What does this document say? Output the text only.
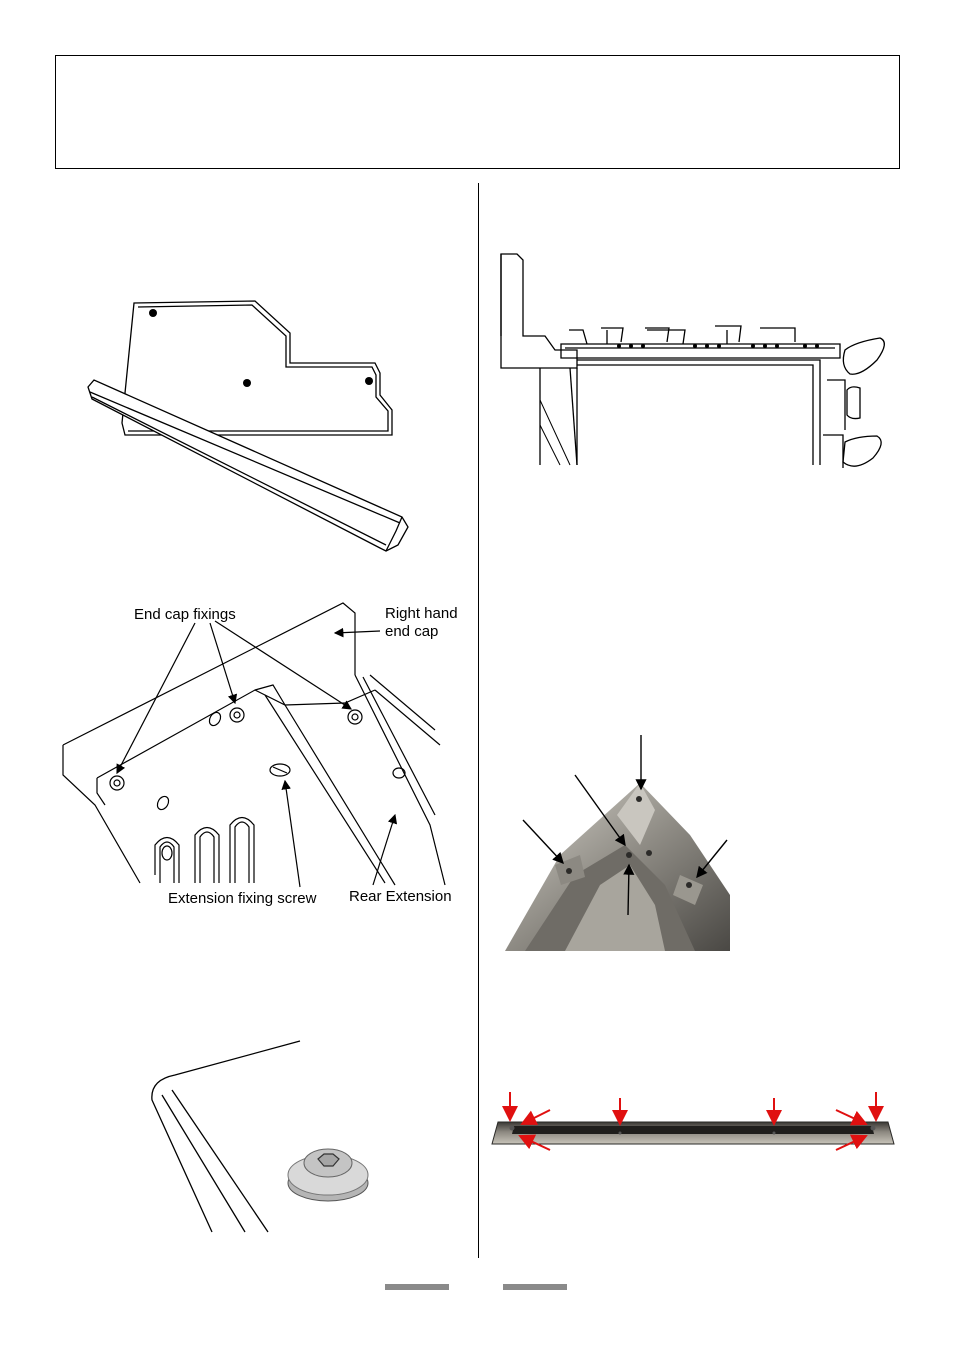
End cap fixings	Right hand
end cap
Extension fixing screw Rear Extension
